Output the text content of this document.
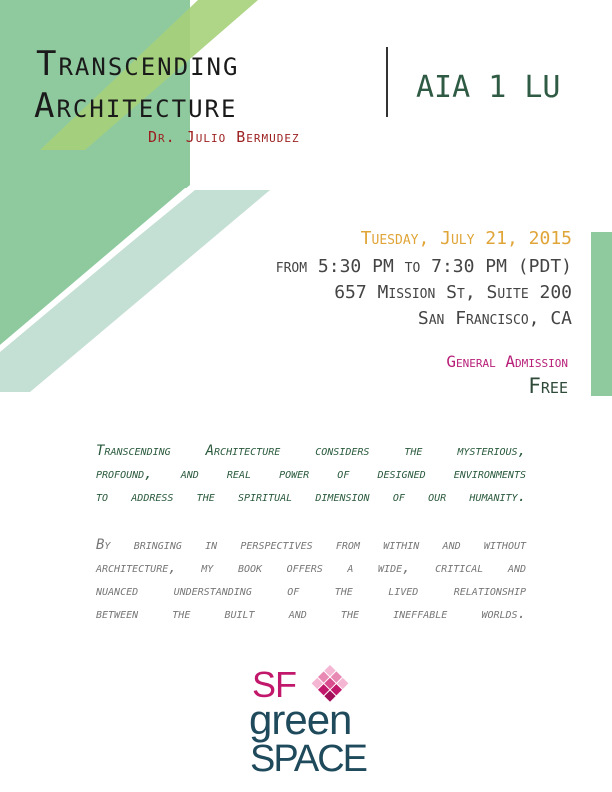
Transcending
Architecture
Dr. Julio Bermudez
AIA 1 LU
Tuesday, July 21, 2015
from 5:30 PM to 7:30 PM (PDT)
657 Mission St, Suite 200
San Francisco, CA
General Admission
Free
Transcending Architecture considers the mysterious,
profound, and real power of designed environments
to address the spiritual dimension of our humanity.
By bringing in perspectives from within and without
architecture, my book offers a wide, critical and
nuanced understanding of the lived relationship
between the built and the ineffable worlds.
SF
green
SPACE
